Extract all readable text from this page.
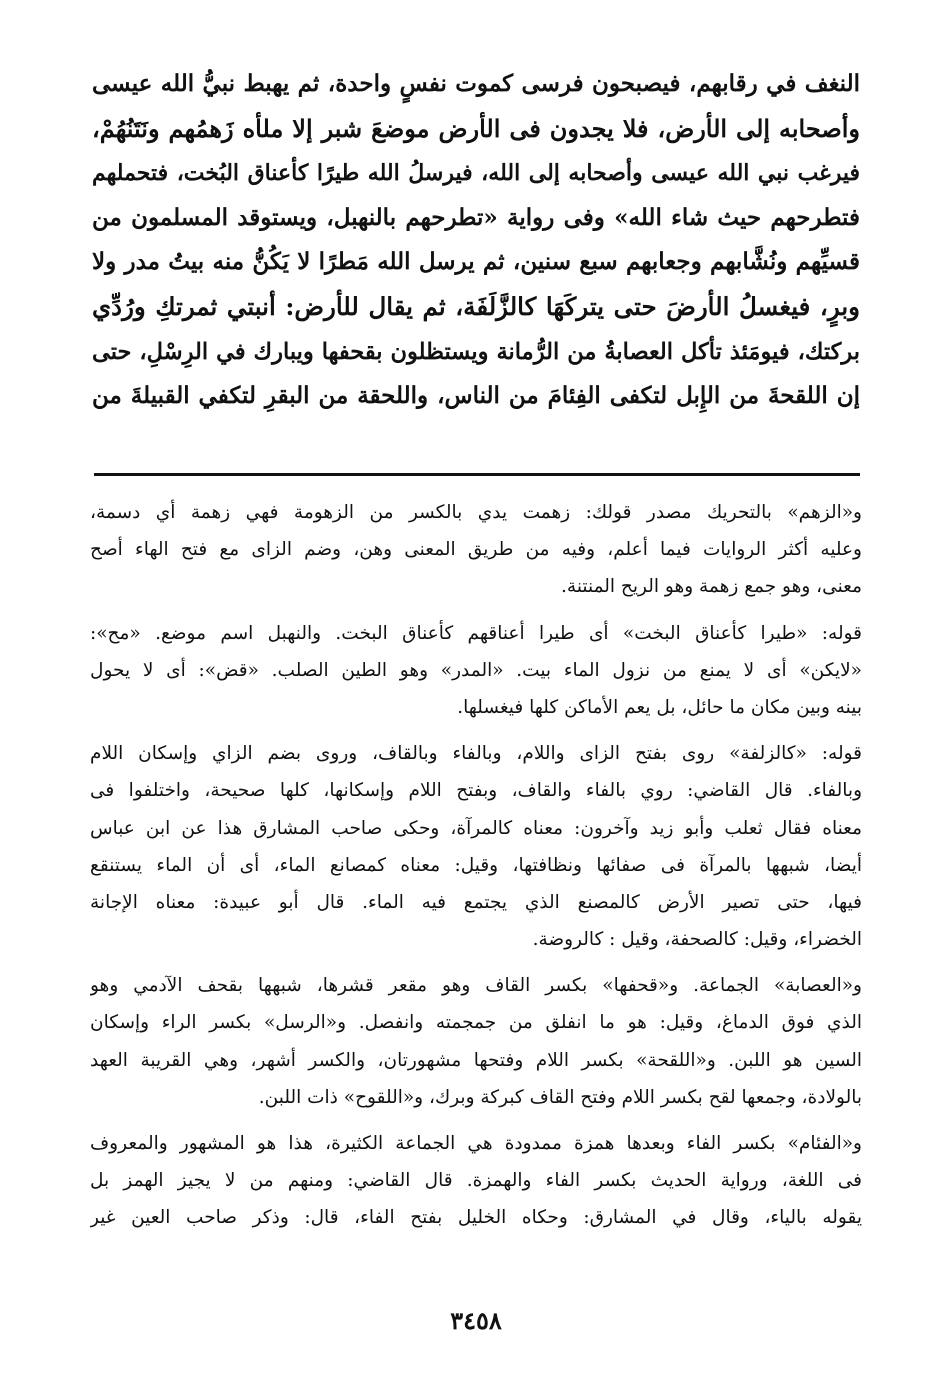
النغف في رقابهم، فيصبحون فرسى كموت نفسٍ واحدة، ثم يهبط نبيُّ الله عيسى
وأصحابه إلى الأرض، فلا يجدون فى الأرض موضعَ شبر إلا ملأه زَهمُهم ونَتَنُهُمْ،
فيرغب نبي الله عيسى وأصحابه إلى الله، فيرسلُ الله طيرًا كأعناق البُخت، فتحملهم
فتطرحهم حيث شاء الله» وفى رواية «تطرحهم بالنهبل، ويستوقد المسلمون من
قسيِّهم ونُشَّابهم وجعابهم سبع سنين، ثم يرسل الله مَطرًا لا يَكُنُّ منه بيتُ مدر ولا
وبرٍ، فيغسلُ الأرضَ حتى يتركَهَا كالزَّلَفَة، ثم يقال للأرض: أنبتي ثمرتكِ ورُدِّي
بركتك، فيومَئذ تأكل العصابةُ من الرُّمانة ويستظلون بقحفها ويبارك في الرِسْلِ، حتى
إن اللقحةَ من الإِبل لتكفى الفِئامَ من الناس، واللحقة من البقرِ لتكفي القبيلةَ من
و«الزهم» بالتحريك مصدر قولك: زهمت يدي بالكسر من الزهومة فهي زهمة أي دسمة،
وعليه أكثر الروايات فيما أعلم، وفيه من طريق المعنى وهن، وضم الزاى مع فتح الهاء أصح
معنى، وهو جمع زهمة وهو الريح المنتنة.
قوله: «طيرا كأعناق البخت» أى طيرا أعناقهم كأعناق البخت. والنهبل اسم موضع. «مح»:
«لايكن» أى لا يمنع من نزول الماء بيت. «المدر» وهو الطين الصلب. «قض»: أى لا يحول
بينه وبين مكان ما حائل، بل يعم الأماكن كلها فيغسلها.
قوله: «كالزلفة» روى بفتح الزاى واللام، وبالفاء وبالقاف، وروى بضم الزاي وإسكان اللام
وبالفاء. قال القاضي: روي بالفاء والقاف، وبفتح اللام وإسكانها، كلها صحيحة، واختلفوا فى
معناه فقال ثعلب وأبو زيد وآخرون: معناه كالمرآة، وحكى صاحب المشارق هذا عن ابن عباس
أيضا، شبهها بالمرآة فى صفائها ونظافتها، وقيل: معناه كمصانع الماء، أى أن الماء يستنقع
فيها، حتى تصير الأرض كالمصنع الذي يجتمع فيه الماء. قال أبو عبيدة: معناه الإجانة
الخضراء، وقيل: كالصحفة، وقيل : كالروضة.
و«العصابة» الجماعة. و«قحفها» بكسر القاف وهو مقعر قشرها، شبهها بقحف الآدمي وهو
الذي فوق الدماغ، وقيل: هو ما انفلق من جمجمته وانفصل. و«الرسل» بكسر الراء وإسكان
السين هو اللبن. و«اللقحة» بكسر اللام وفتحها مشهورتان، والكسر أشهر، وهي القريبة العهد
بالولادة، وجمعها لقح بكسر اللام وفتح القاف كبركة وبرك، و«اللقوح» ذات اللبن.
و«الفئام» بكسر الفاء وبعدها همزة ممدودة هي الجماعة الكثيرة، هذا هو المشهور والمعروف
فى اللغة، ورواية الحديث بكسر الفاء والهمزة. قال القاضي: ومنهم من لا يجيز الهمز بل
يقوله بالياء، وقال في المشارق: وحكاه الخليل بفتح الفاء، قال: وذكر صاحب العين غير
٣٤٥٨
